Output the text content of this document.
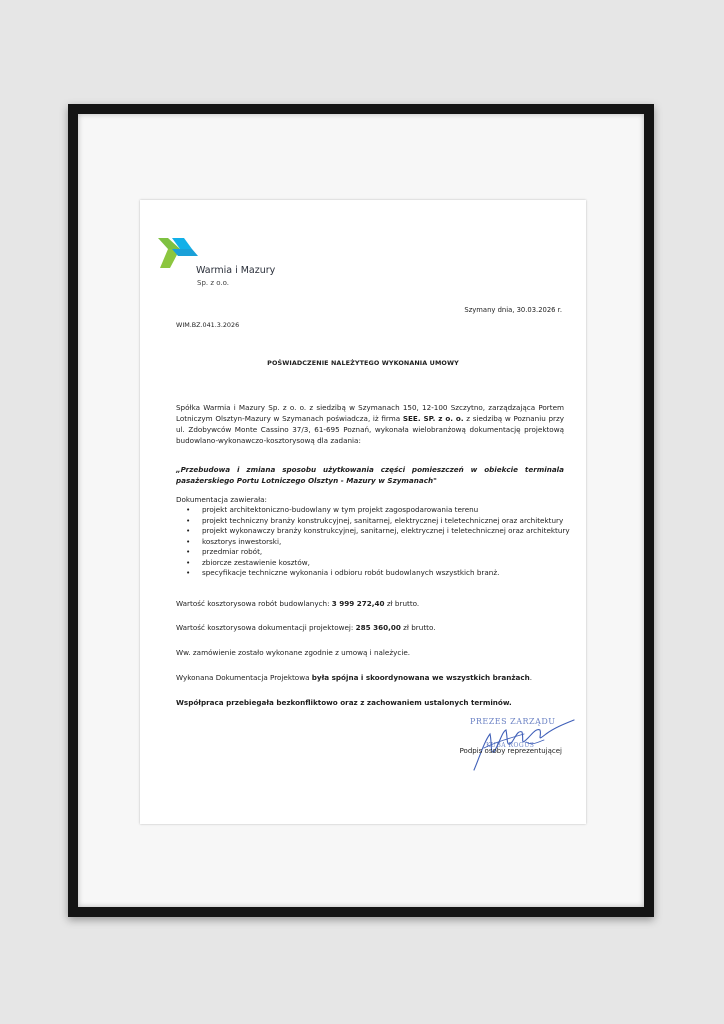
Warmia i Mazury
Sp. z o.o.
Szymany dnia, 30.03.2026 r.
WIM.BZ.041.3.2026
POŚWIADCZENIE NALEŻYTEGO WYKONANIA UMOWY
Spółka Warmia i Mazury Sp. z o. o. z siedzibą w Szymanach 150, 12-100 Szczytno, zarządzająca Portem Lotniczym Olsztyn-Mazury w Szymanach poświadcza, iż firma SEE. SP. z o. o. z siedzibą w Poznaniu przy ul. Zdobywców Monte Cassino 37/3, 61-695 Poznań, wykonała wielobranżową dokumentację projektową budowlano-wykonawczo-kosztorysową dla zadania:
„Przebudowa i zmiana sposobu użytkowania części pomieszczeń w obiekcie terminala pasażerskiego Portu Lotniczego Olsztyn - Mazury w Szymanach"
Dokumentacja zawierała:
• projekt architektoniczno-budowlany w tym projekt zagospodarowania terenu
• projekt techniczny branży konstrukcyjnej, sanitarnej, elektrycznej i teletechnicznej oraz architektury
• projekt wykonawczy branży konstrukcyjnej, sanitarnej, elektrycznej i teletechnicznej oraz architektury
• kosztorys inwestorski,
• przedmiar robót,
• zbiorcze zestawienie kosztów,
• specyfikacje techniczne wykonania i odbioru robót budowlanych wszystkich branż.
Wartość kosztorysowa robót budowlanych: 3 999 272,40 zł brutto.
Wartość kosztorysowa dokumentacji projektowej: 285 360,00 zł brutto.
Ww. zamówienie zostało wykonane zgodnie z umową i należycie.
Wykonana Dokumentacja Projektowa była spójna i skoordynowana we wszystkich branżach.
Współpraca przebiegała bezkonfliktowo oraz z zachowaniem ustalonych terminów.
PREZES ZARZĄDU
KUBA ROGUS
Podpis osoby reprezentującej
